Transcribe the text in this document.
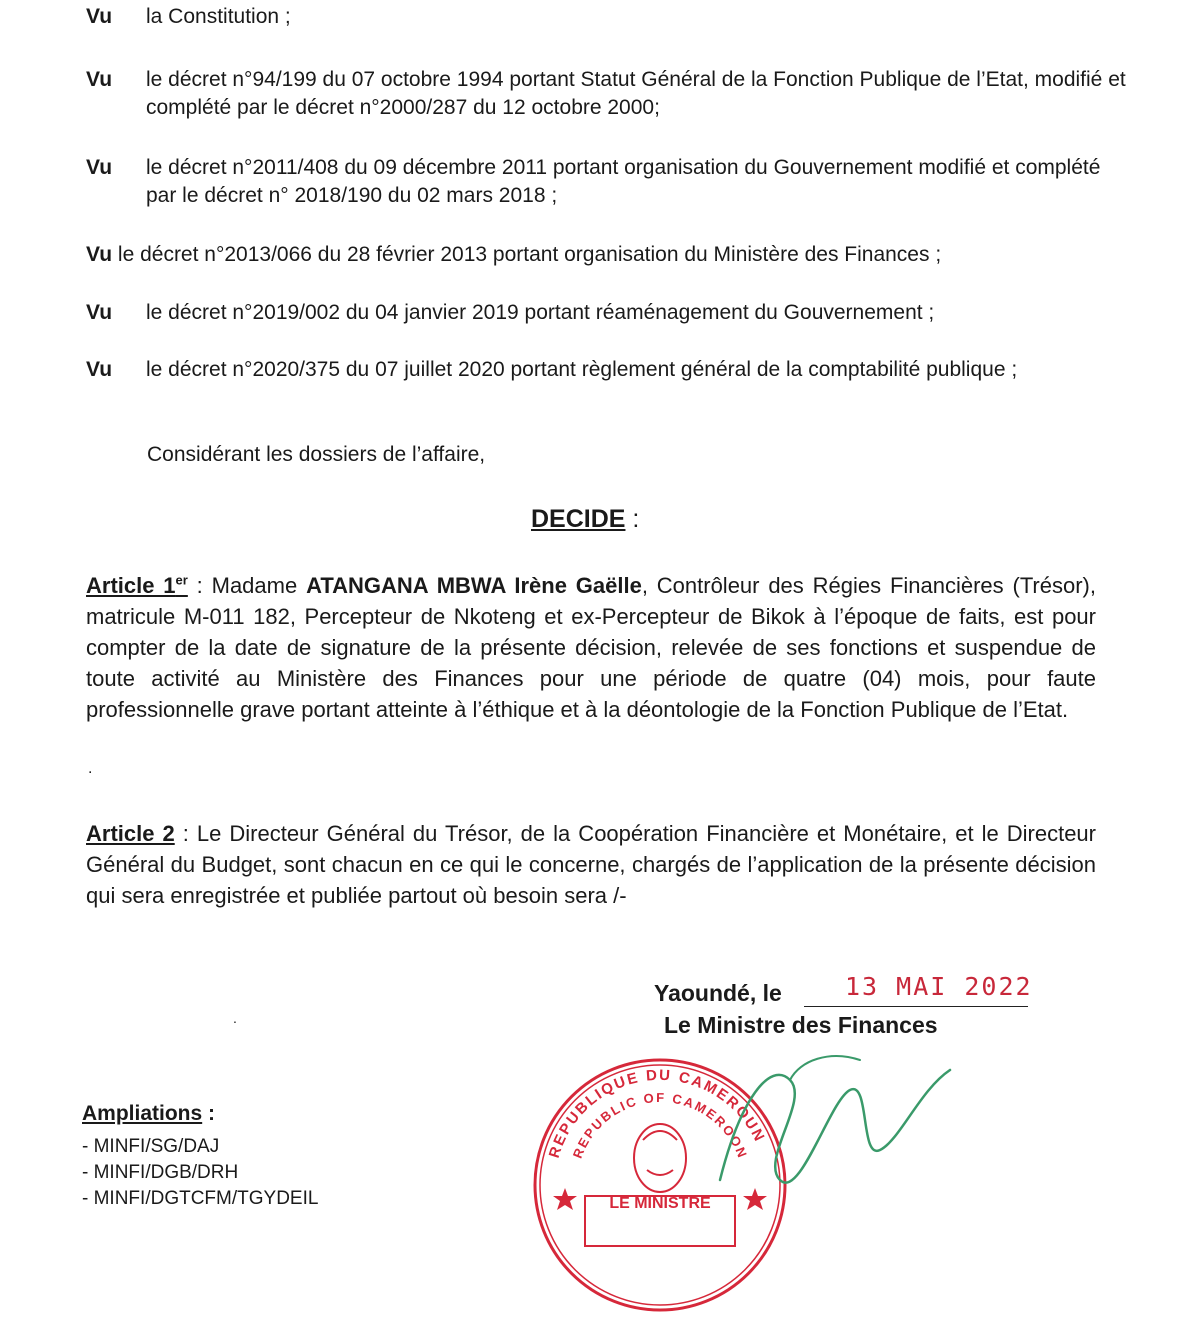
Vu la Constitution ;
Vu le décret n°94/199 du 07 octobre 1994 portant Statut Général de la Fonction Publique de l’Etat, modifié et complété par le décret n°2000/287 du 12 octobre 2000;
Vu le décret n°2011/408 du 09 décembre 2011 portant organisation du Gouvernement modifié et complété par le décret n° 2018/190 du 02 mars 2018 ;
Vu le décret n°2013/066 du 28 février 2013 portant organisation du Ministère des Finances ;
Vu le décret n°2019/002 du 04 janvier 2019 portant réaménagement du Gouvernement ;
Vu le décret n°2020/375 du 07 juillet 2020 portant règlement général de la comptabilité publique ;
Considérant les dossiers de l’affaire,
DECIDE :
Article 1er : Madame ATANGANA MBWA Irène Gaëlle, Contrôleur des Régies Financières (Trésor), matricule M-011 182, Percepteur de Nkoteng et ex-Percepteur de Bikok à l’époque de faits, est pour compter de la date de signature de la présente décision, relevée de ses fonctions et suspendue de toute activité au Ministère des Finances pour une période de quatre (04) mois, pour faute professionnelle grave portant atteinte à l’éthique et à la déontologie de la Fonction Publique de l’Etat.
.
Article 2 : Le Directeur Général du Trésor, de la Coopération Financière et Monétaire, et le Directeur Général du Budget, sont chacun en ce qui le concerne, chargés de l’application de la présente décision qui sera enregistrée et publiée partout où besoin sera /-
.
Yaoundé, le	13 MAI 2022
Le Ministre des Finances
REPUBLIQUE DU CAMEROUN
REPUBLIC OF CAMEROON
LE MINISTRE
Ampliations :
- MINFI/SG/DAJ
- MINFI/DGB/DRH
- MINFI/DGTCFM/TGYDEIL
